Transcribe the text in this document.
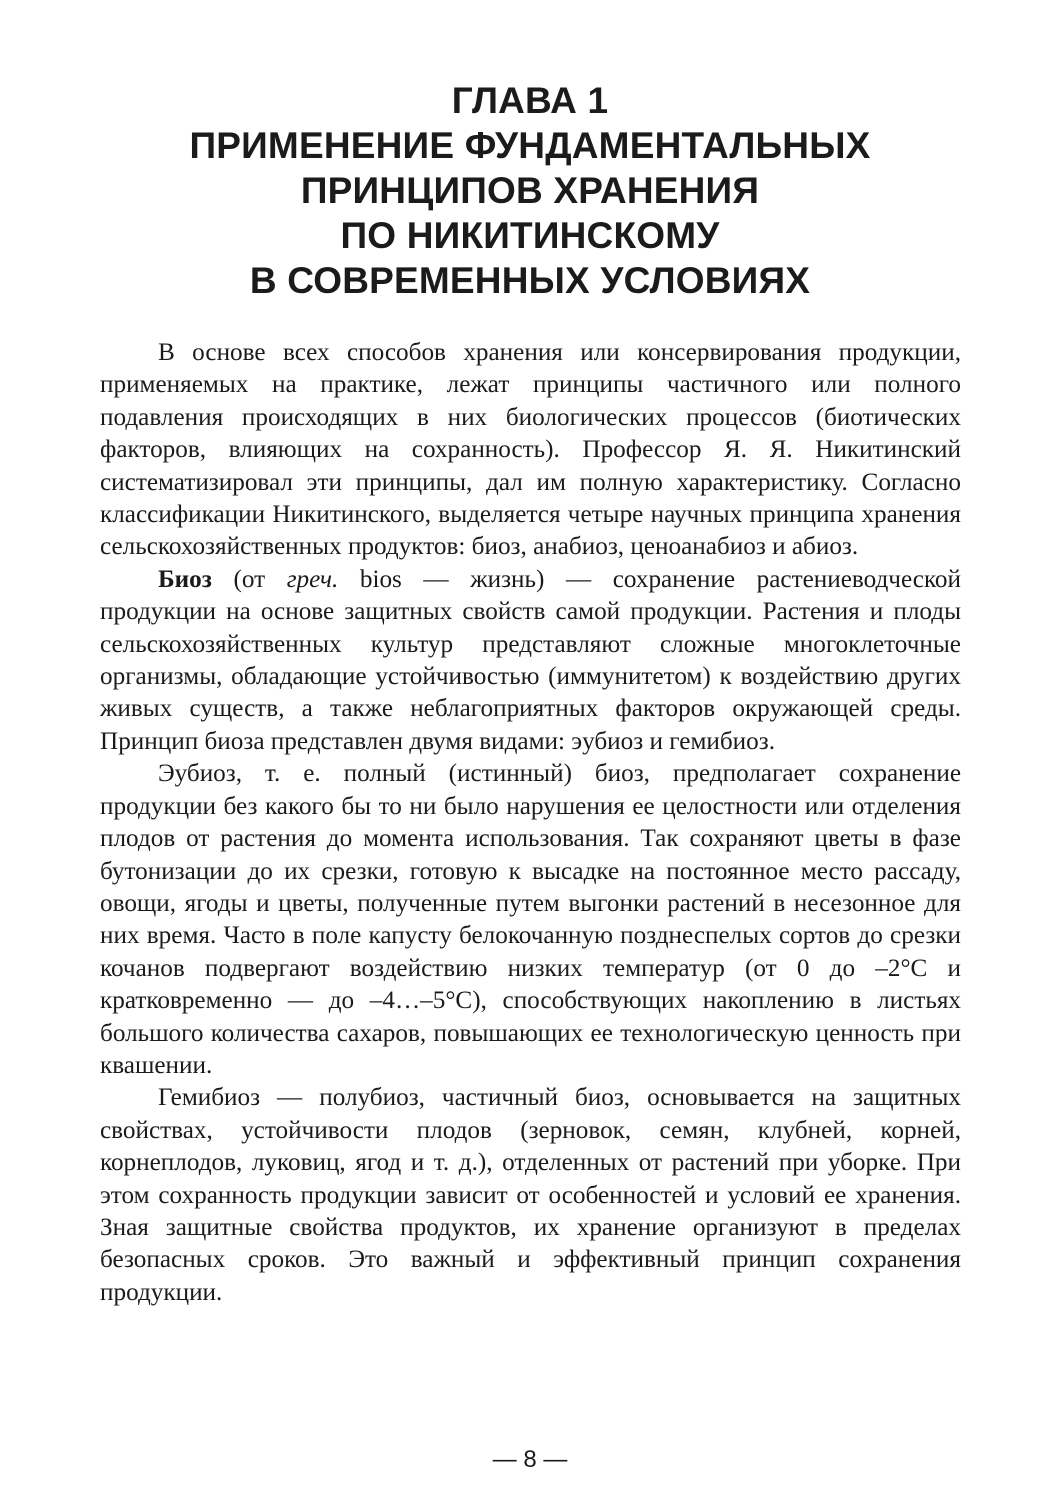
ГЛАВА 1
ПРИМЕНЕНИЕ ФУНДАМЕНТАЛЬНЫХ
ПРИНЦИПОВ ХРАНЕНИЯ
ПО НИКИТИНСКОМУ
В СОВРЕМЕННЫХ УСЛОВИЯХ

В основе всех способов хранения или консервирования продукции, применяемых на практике, лежат принципы частичного или полного подавления происходящих в них биологических процессов (биотических факторов, влияющих на сохранность). Профессор Я. Я. Никитинский систематизировал эти принципы, дал им полную характеристику. Согласно классификации Никитинского, выделяется четыре научных принципа хранения сельскохозяйственных продуктов: биоз, анабиоз, ценоанабиоз и абиоз.

Биоз (от греч. bios — жизнь) — сохранение растениеводческой продукции на основе защитных свойств самой продукции. Растения и плоды сельскохозяйственных культур представляют сложные многоклеточные организмы, обладающие устойчивостью (иммунитетом) к воздействию других живых существ, а также неблагоприятных факторов окружающей среды. Принцип биоза представлен двумя видами: эубиоз и гемибиоз.

Эубиоз, т. е. полный (истинный) биоз, предполагает сохранение продукции без какого бы то ни было нарушения ее целостности или отделения плодов от растения до момента использования. Так сохраняют цветы в фазе бутонизации до их срезки, готовую к высадке на постоянное место рассаду, овощи, ягоды и цветы, полученные путем выгонки растений в несезонное для них время. Часто в поле капусту белокочанную позднеспелых сортов до срезки кочанов подвергают воздействию низких температур (от 0 до –2°С и кратковременно — до –4…–5°С), способствующих накоплению в листьях большого количества сахаров, повышающих ее технологическую ценность при квашении.

Гемибиоз — полубиоз, частичный биоз, основывается на защитных свойствах, устойчивости плодов (зерновок, семян, клубней, корней, корнеплодов, луковиц, ягод и т. д.), отделенных от растений при уборке. При этом сохранность продукции зависит от особенностей и условий ее хранения. Зная защитные свойства продуктов, их хранение организуют в пределах безопасных сроков. Это важный и эффективный принцип сохранения продукции.

— 8 —
